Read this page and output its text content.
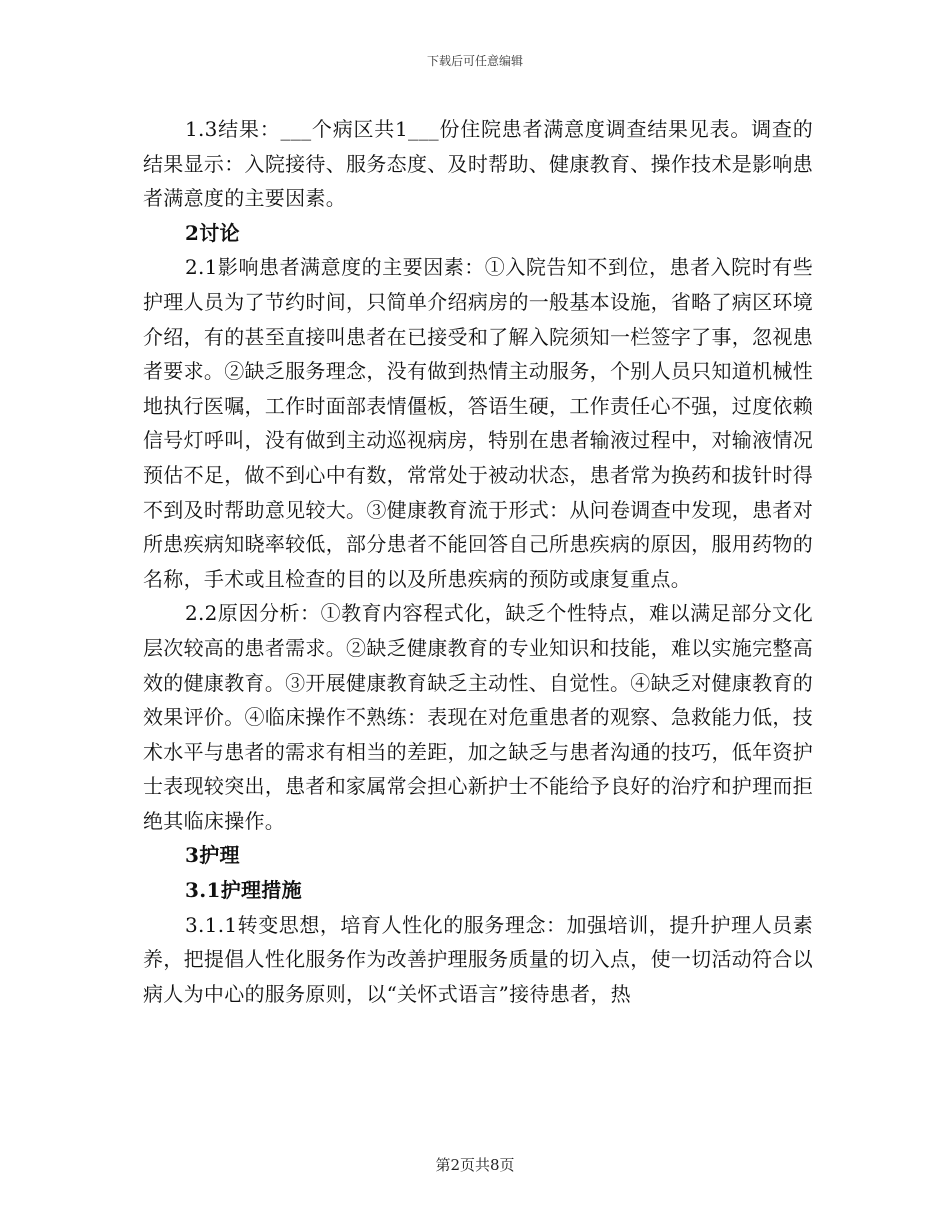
下载后可任意编辑

1.3结果：___个病区共1___份住院患者满意度调查结果见表。调查的结果显示：入院接待、服务态度、及时帮助、健康教育、操作技术是影响患者满意度的主要因素。

2讨论

2.1影响患者满意度的主要因素：①入院告知不到位，患者入院时有些护理人员为了节约时间，只简单介绍病房的一般基本设施，省略了病区环境介绍，有的甚至直接叫患者在已接受和了解入院须知一栏签字了事，忽视患者要求。②缺乏服务理念，没有做到热情主动服务，个别人员只知道机械性地执行医嘱，工作时面部表情僵板，答语生硬，工作责任心不强，过度依赖信号灯呼叫，没有做到主动巡视病房，特别在患者输液过程中，对输液情况预估不足，做不到心中有数，常常处于被动状态，患者常为换药和拔针时得不到及时帮助意见较大。③健康教育流于形式：从问卷调查中发现，患者对所患疾病知晓率较低，部分患者不能回答自己所患疾病的原因，服用药物的名称，手术或且检查的目的以及所患疾病的预防或康复重点。

2.2原因分析：①教育内容程式化，缺乏个性特点，难以满足部分文化层次较高的患者需求。②缺乏健康教育的专业知识和技能，难以实施完整高效的健康教育。③开展健康教育缺乏主动性、自觉性。④缺乏对健康教育的效果评价。④临床操作不熟练：表现在对危重患者的观察、急救能力低，技术水平与患者的需求有相当的差距，加之缺乏与患者沟通的技巧，低年资护士表现较突出，患者和家属常会担心新护士不能给予良好的治疗和护理而拒绝其临床操作。

3护理
3.1护理措施

3.1.1转变思想，培育人性化的服务理念：加强培训，提升护理人员素养，把提倡人性化服务作为改善护理服务质量的切入点，使一切活动符合以病人为中心的服务原则，以“关怀式语言”接待患者，热

第2页共8页
